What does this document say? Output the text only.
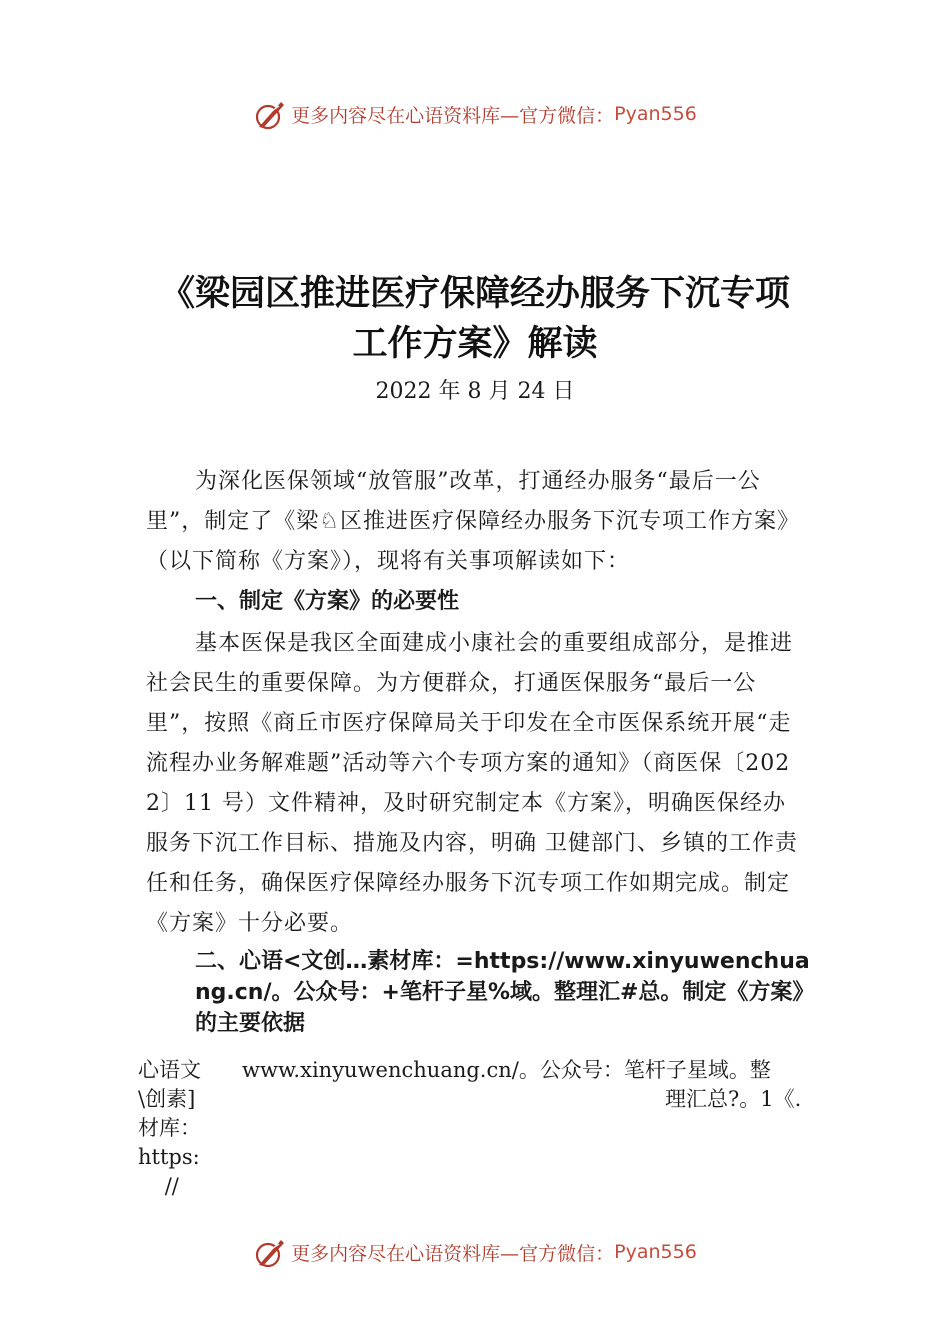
更多内容尽在心语资料库—官方微信： Pyan556
《梁园区推进医疗保障经办服务下沉专项
工作方案》解读
2022 年 8 月 24 日

为深化医保领域“放管服”改革，打通经办服务“最后一公里”，制定了《梁♘区推进医疗保障经办服务下沉专项工作方案》（以下简称《方案》），现将有关事项解读如下：

一、制定《方案》的必要性

基本医保是我区全面建成小康社会的重要组成部分，是推进社会民生的重要保障。为方便群众，打通医保服务“最后一公里”，按照《商丘市医疗保障局关于印发在全市医保系统开展“走流程办业务解难题”活动等六个专项方案的通知》（商医保〔2022〕11 号）文件精神，及时研究制定本《方案》，明确医保经办服务下沉工作目标、措施及内容，明确 卫健部门、乡镇的工作责任和任务，确保医疗保障经办服务下沉专项工作如期完成。制定《方案》十分必要。

二、心语<文创…素材库：=https://www.xinyuwenchuang.cn/。公众号：+笔杆子星%域。整理汇#总。制定《方案》的主要依据

心语文
\创素]
材库：
https:
//
www.xinyuwenchuang.cn/。公众号：笔杆子星域。整
理汇总?。1《.
更多内容尽在心语资料库—官方微信： Pyan556
